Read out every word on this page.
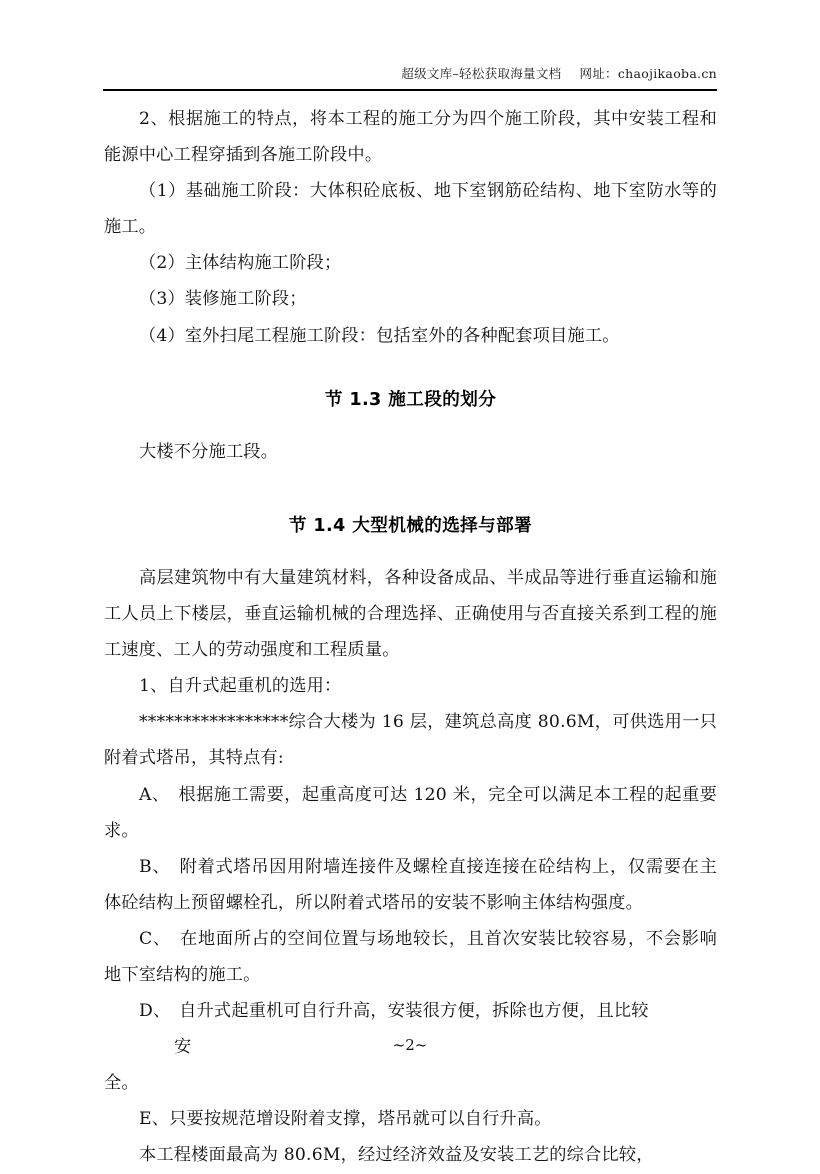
超级文库–轻松获取海量文档 网址：chaojikaoba.cn

2、根据施工的特点，将本工程的施工分为四个施工阶段，其中安装工程和能源中心工程穿插到各施工阶段中。

（1）基础施工阶段：大体积砼底板、地下室钢筋砼结构、地下室防水等的施工。

（2）主体结构施工阶段；

（3）装修施工阶段；

（4）室外扫尾工程施工阶段：包括室外的各种配套项目施工。

节 1.3 施工段的划分

大楼不分施工段。

节 1.4 大型机械的选择与部署

高层建筑物中有大量建筑材料，各种设备成品、半成品等进行垂直运输和施工人员上下楼层，垂直运输机械的合理选择、正确使用与否直接关系到工程的施工速度、工人的劳动强度和工程质量。

1、自升式起重机的选用：

*****************综合大楼为 16 层，建筑总高度 80.6M，可供选用一只附着式塔吊，其特点有:

A、　根据施工需要，起重高度可达 120 米，完全可以满足本工程的起重要求。

B、　附着式塔吊因用附墙连接件及螺栓直接连接在砼结构上，仅需要在主体砼结构上预留螺栓孔，所以附着式塔吊的安装不影响主体结构强度。

C、　在地面所占的空间位置与场地较长，且首次安装比较容易，不会影响地下室结构的施工。

D、　自升式起重机可自行升高，安装很方便，拆除也方便，且比较

安

全。

E、只要按规范增设附着支撑，塔吊就可以自行升高。

本工程楼面最高为 80.6M，经过经济效益及安装工艺的综合比较，

~2~
